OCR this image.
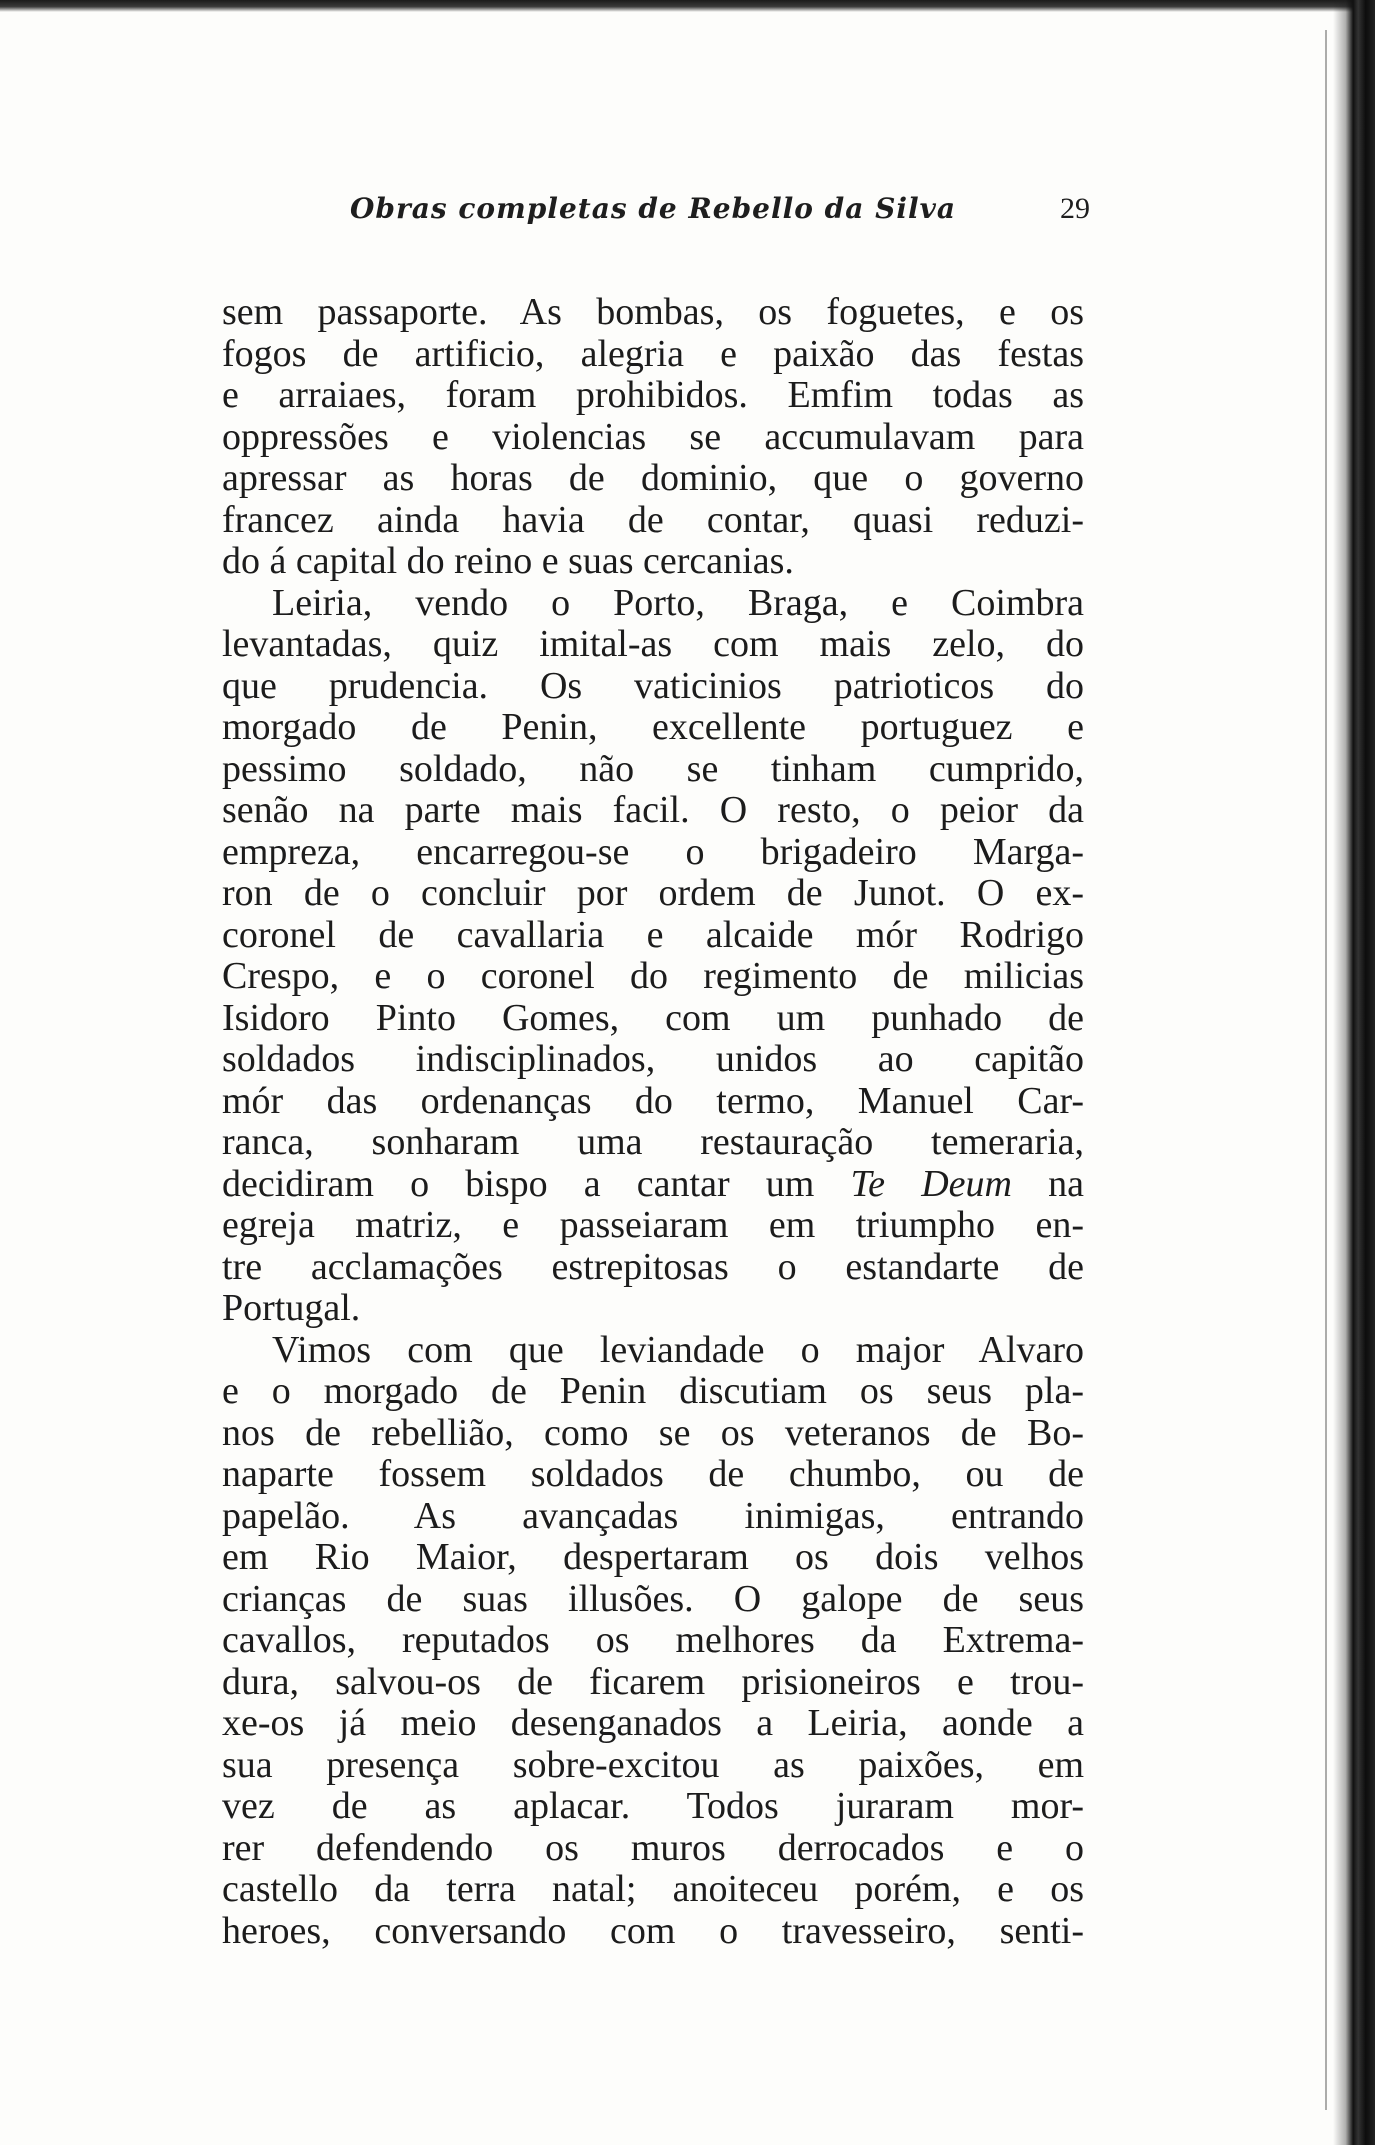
Obras completas de Rebello da Silva	29
sem passaporte. As bombas, os foguetes, e os
fogos de artificio, alegria e paixão das festas
e arraiaes, foram prohibidos. Emfim todas as
oppressões e violencias se accumulavam para
apressar as horas de dominio, que o governo
francez ainda havia de contar, quasi reduzi-
do á capital do reino e suas cercanias.
Leiria, vendo o Porto, Braga, e Coimbra
levantadas, quiz imital-as com mais zelo, do
que prudencia. Os vaticinios patrioticos do
morgado de Penin, excellente portuguez e
pessimo soldado, não se tinham cumprido,
senão na parte mais facil. O resto, o peior da
empreza, encarregou-se o brigadeiro Marga-
ron de o concluir por ordem de Junot. O ex-
coronel de cavallaria e alcaide mór Rodrigo
Crespo, e o coronel do regimento de milicias
Isidoro Pinto Gomes, com um punhado de
soldados indisciplinados, unidos ao capitão
mór das ordenanças do termo, Manuel Car-
ranca, sonharam uma restauração temeraria,
decidiram o bispo a cantar um Te Deum na
egreja matriz, e passeiaram em triumpho en-
tre acclamações estrepitosas o estandarte de
Portugal.
Vimos com que leviandade o major Alvaro
e o morgado de Penin discutiam os seus pla-
nos de rebellião, como se os veteranos de Bo-
naparte fossem soldados de chumbo, ou de
papelão. As avançadas inimigas, entrando
em Rio Maior, despertaram os dois velhos
crianças de suas illusões. O galope de seus
cavallos, reputados os melhores da Extrema-
dura, salvou-os de ficarem prisioneiros e trou-
xe-os já meio desenganados a Leiria, aonde a
sua presença sobre-excitou as paixões, em
vez de as aplacar. Todos juraram mor-
rer defendendo os muros derrocados e o
castello da terra natal; anoiteceu porém, e os
heroes, conversando com o travesseiro, senti-
